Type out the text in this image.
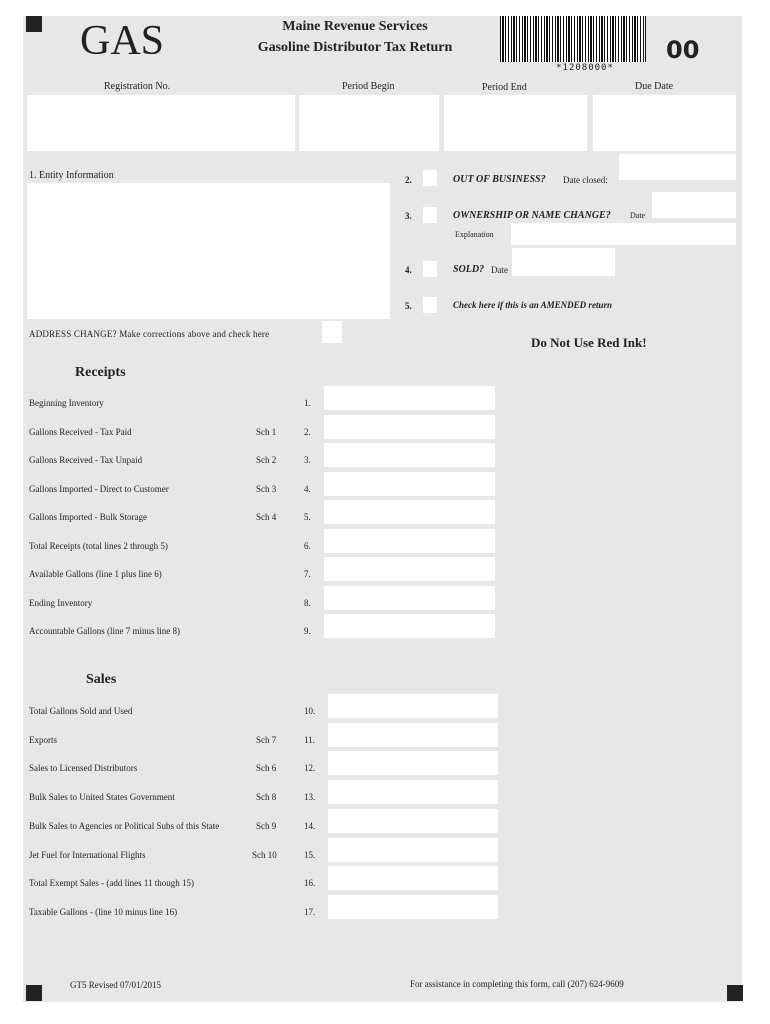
GAS	Maine Revenue Services
Gasoline Distributor Tax Return
*1208000*
00
Registration No.	Period Begin	Period End	Due Date
1. Entity Information
ADDRESS CHANGE? Make corrections above and check here
2.	OUT OF BUSINESS? Date closed:
3.	OWNERSHIP OR NAME CHANGE? Date
Explanation
4.	SOLD? Date
5.	Check here if this is an AMENDED return
Do Not Use Red Ink!
Receipts
Beginning Inventory	1.
Gallons Received - Tax Paid	Sch 1	2.
Gallons Received - Tax Unpaid	Sch 2	3.
Gallons Imported - Direct to Customer	Sch 3	4.
Gallons Imported - Bulk Storage	Sch 4	5.
Total Receipts (total lines 2 through 5)	6.
Available Gallons (line 1 plus line 6)	7.
Ending Inventory	8.
Accountable Gallons (line 7 minus line 8)	9.
Sales
Total Gallons Sold and Used	10.
Exports	Sch 7	11.
Sales to Licensed Distributors	Sch 6	12.
Bulk Sales to United States Government	Sch 8	13.
Bulk Sales to Agencies or Political Subs of this State	Sch 9	14.
Jet Fuel for International Flights	Sch 10	15.
Total Exempt Sales - (add lines 11 though 15)	16.
Taxable Gallons - (line 10 minus line 16)	17.
GT5 Revised 07/01/2015	For assistance in completing this form, call (207) 624-9609
